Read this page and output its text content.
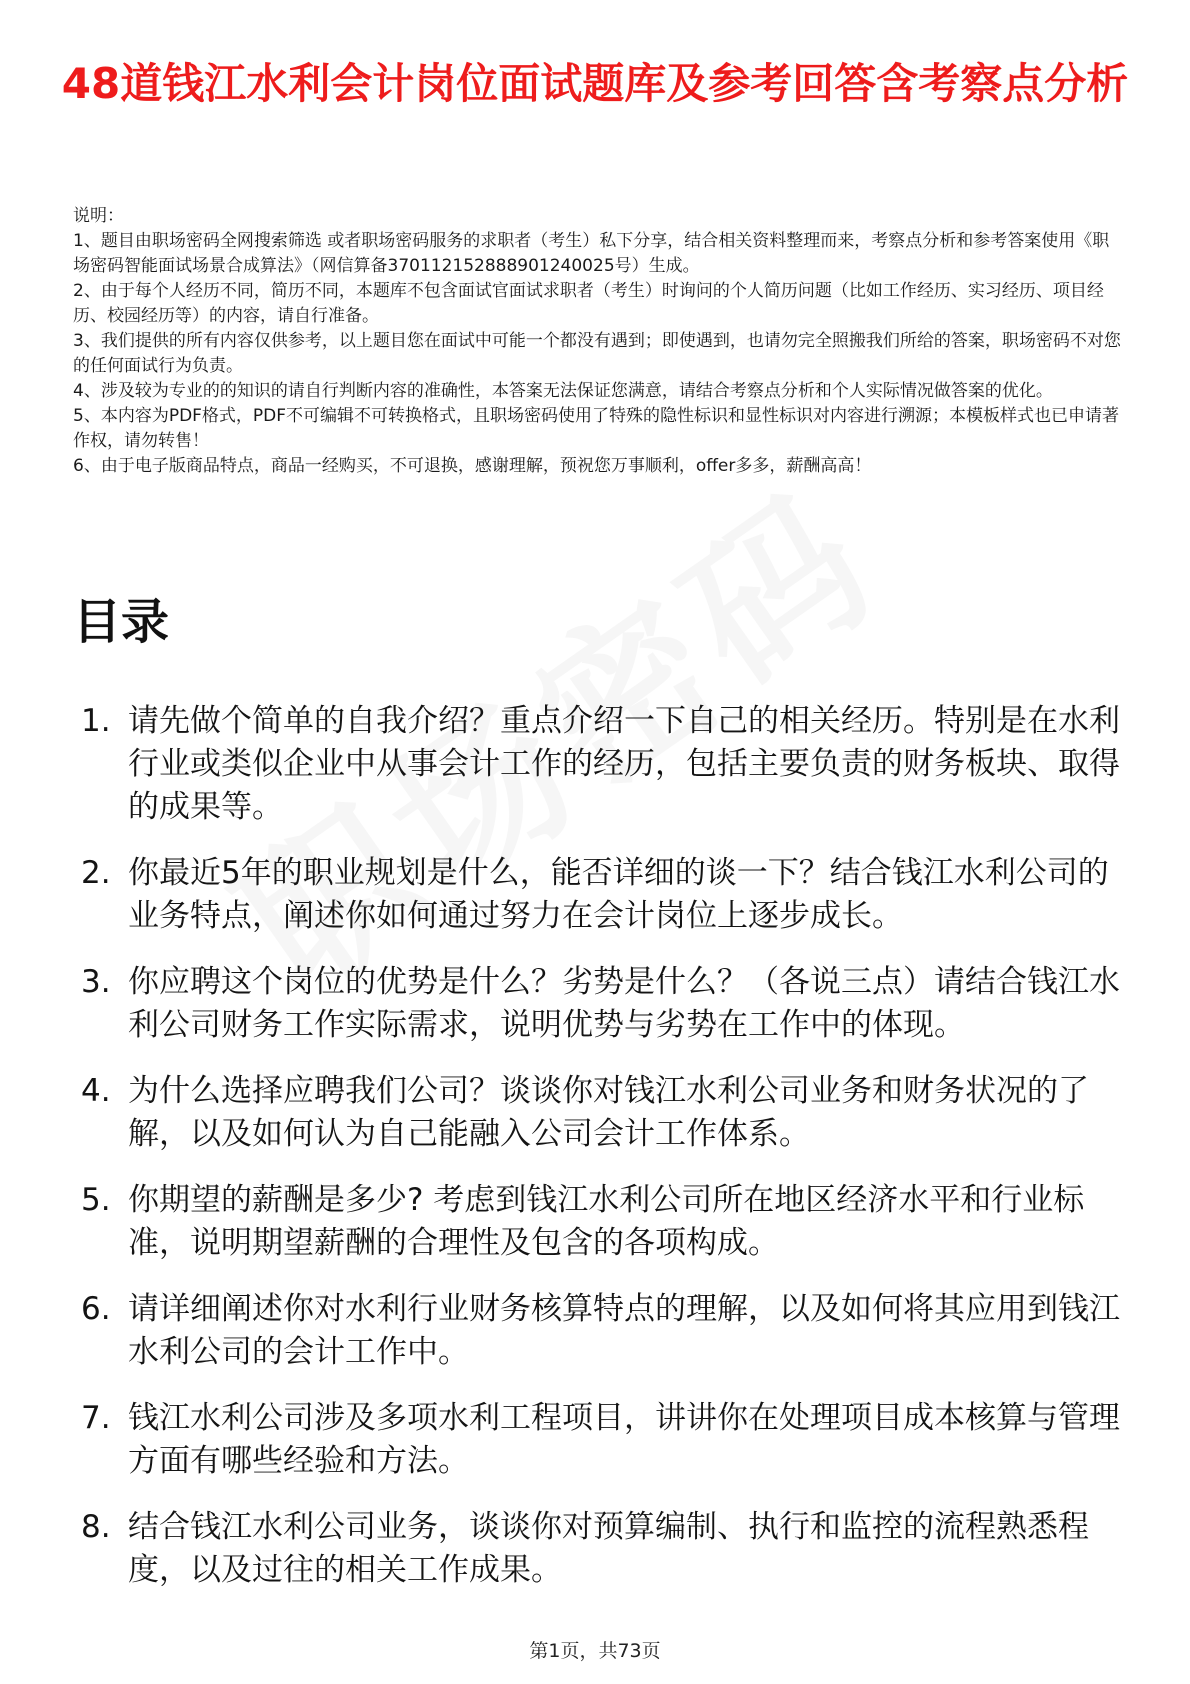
48道钱江水利会计岗位面试题库及参考回答含考察点分析
说明：
1、题目由职场密码全网搜索筛选 或者职场密码服务的求职者（考生）私下分享，结合相关资料整理而来，考察点分析和参考答案使用《职场密码智能面试场景合成算法》（网信算备370112152888901240025号）生成。
2、由于每个人经历不同，简历不同，本题库不包含面试官面试求职者（考生）时询问的个人简历问题（比如工作经历、实习经历、项目经历、校园经历等）的内容，请自行准备。
3、我们提供的所有内容仅供参考，以上题目您在面试中可能一个都没有遇到；即使遇到，也请勿完全照搬我们所给的答案，职场密码不对您的任何面试行为负责。
4、涉及较为专业的的知识的请自行判断内容的准确性，本答案无法保证您满意，请结合考察点分析和个人实际情况做答案的优化。
5、本内容为PDF格式，PDF不可编辑不可转换格式，且职场密码使用了特殊的隐性标识和显性标识对内容进行溯源；本模板样式也已申请著作权，请勿转售！
6、由于电子版商品特点，商品一经购买，不可退换，感谢理解，预祝您万事顺利，offer多多，薪酬高高！
目录
1. 请先做个简单的自我介绍？重点介绍一下自己的相关经历。特别是在水利行业或类似企业中从事会计工作的经历，包括主要负责的财务板块、取得的成果等。
2. 你最近5年的职业规划是什么，能否详细的谈一下？结合钱江水利公司的业务特点，阐述你如何通过努力在会计岗位上逐步成长。
3. 你应聘这个岗位的优势是什么？劣势是什么？（各说三点）请结合钱江水利公司财务工作实际需求，说明优势与劣势在工作中的体现。
4. 为什么选择应聘我们公司？谈谈你对钱江水利公司业务和财务状况的了解，以及如何认为自己能融入公司会计工作体系。
5. 你期望的薪酬是多少? 考虑到钱江水利公司所在地区经济水平和行业标准，说明期望薪酬的合理性及包含的各项构成。
6. 请详细阐述你对水利行业财务核算特点的理解，以及如何将其应用到钱江水利公司的会计工作中。
7. 钱江水利公司涉及多项水利工程项目，讲讲你在处理项目成本核算与管理方面有哪些经验和方法。
8. 结合钱江水利公司业务，谈谈你对预算编制、执行和监控的流程熟悉程度，以及过往的相关工作成果。
第1页，共73页
